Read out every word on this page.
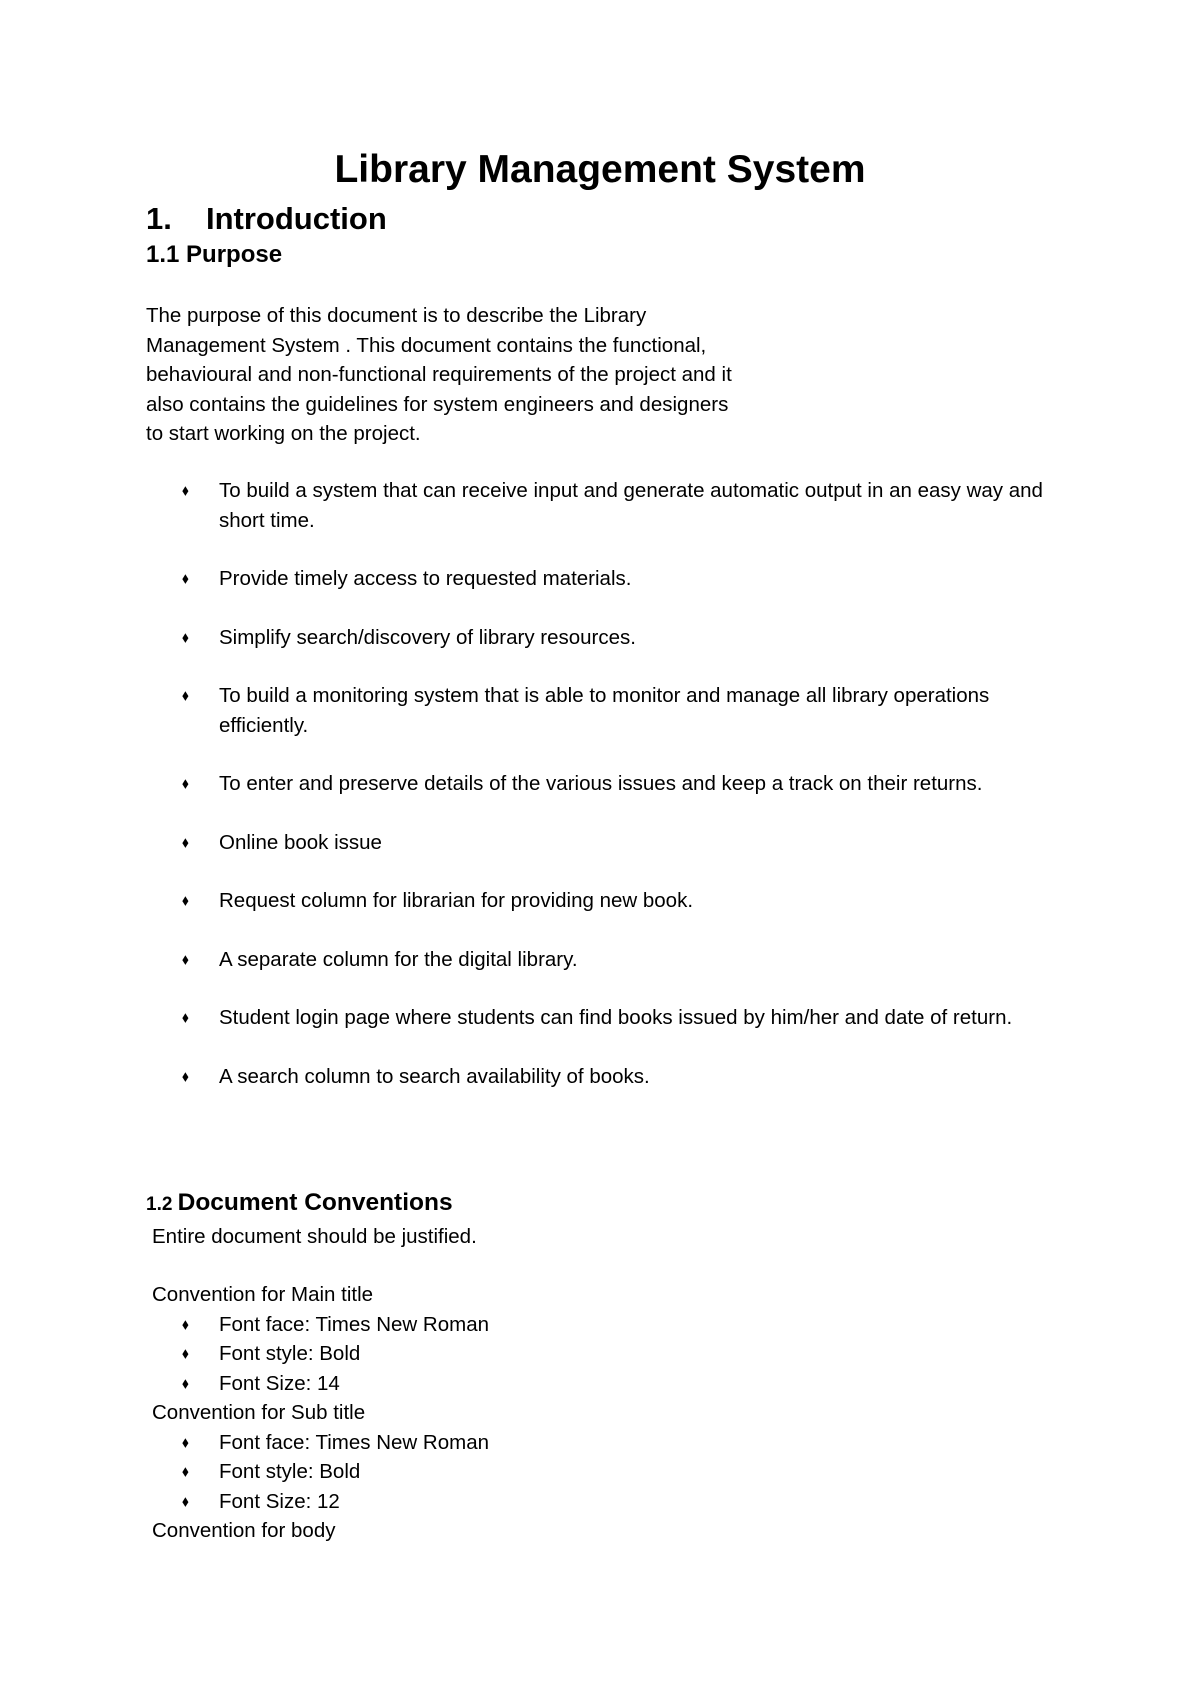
Library Management System
1. Introduction
1.1 Purpose

The purpose of this document is to describe the Library
Management System . This document contains the functional,
behavioural and non-functional requirements of the project and it
also contains the guidelines for system engineers and designers
to start working on the project.

⬧	To build a system that can receive input and generate automatic output in an easy way and short time.
⬧	Provide timely access to requested materials.
⬧	Simplify search/discovery of library resources.
⬧	To build a monitoring system that is able to monitor and manage all library operations efficiently.
⬧	To enter and preserve details of the various issues and keep a track on their returns.
⬧	Online book issue
⬧	Request column for librarian for providing new book.
⬧	A separate column for the digital library.
⬧	Student login page where students can find books issued by him/her and date of return.
⬧	A search column to search availability of books.
1.2 Document Conventions

Entire document should be justified.

Convention for Main title

⬧	Font face: Times New Roman
⬧	Font style: Bold
⬧	Font Size: 14

Convention for Sub title

⬧	Font face: Times New Roman
⬧	Font style: Bold
⬧	Font Size: 12

Convention for body
